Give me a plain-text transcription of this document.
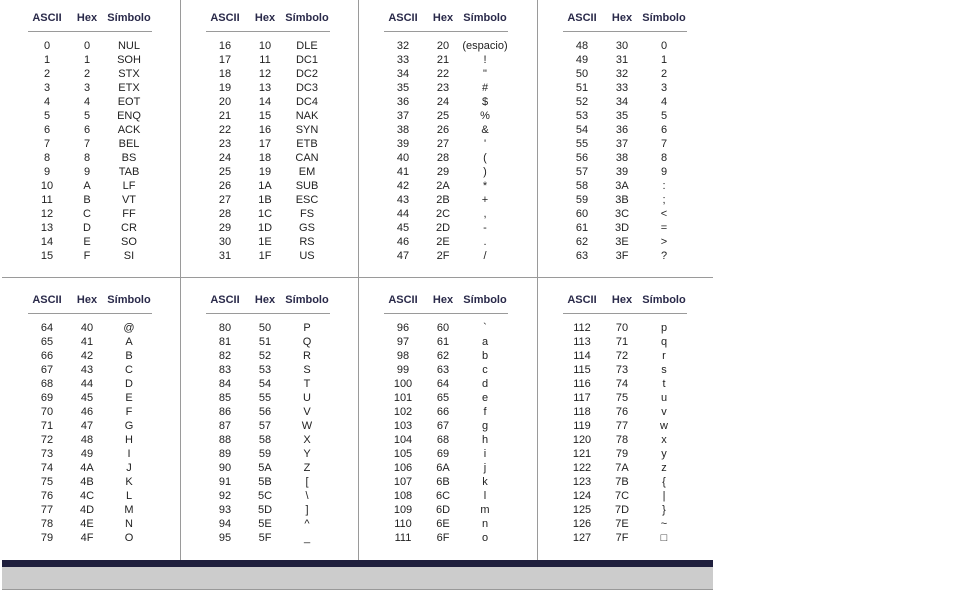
ASCII Hex Símbolo
0	0	NUL
1	1 SOH
2	2	STX
3	3	ETX
4	4	EOT
5	5 ENQ
6	6	ACK
7	7	BEL
8	8	BS
9	9	TAB
10	A	LF
11	B	VT
12	C	FF
13	D	CR
14	E	SO
15	F	SI
ASCII Hex Símbolo
16	10 DLE
17	11 DC1
18	12 DC2
19	13 DC3
20	14 DC4
21	15 NAK
22	16 SYN
23	17 ETB
24	18 CAN
25	19	EM
26 1A SUB
27 1B ESC
28 1C	FS
29 1D GS
30 1E	RS
31 1F	US
ASCII Hex Símbolo
32	20 (espacio)
33	21	!
34	22	"
35	23	#
36	24	$
37	25	%
38	26	&
39	27	'
40	28	(
41	29	)
42 2A	*
43 2B	+
44 2C	,
45 2D	-
46 2E	.
47 2F	/
ASCII Hex Símbolo
48	30	0
49	31	1
50	32	2
51	33	3
52	34	4
53	35	5
54	36	6
55	37	7
56	38	8
57	39	9
58 3A	:
59 3B	;
60 3C	<
61 3D	=
62 3E	>
63 3F	?
ASCII Hex Símbolo
64	40	@
65	41	A
66	42	B
67	43	C
68	44	D
69	45	E
70	46	F
71	47	G
72	48	H
73	49	I
74 4A	J
75 4B	K
76 4C	L
77 4D	M
78 4E	N
79 4F	O
ASCII Hex Símbolo
80	50	P
81	51	Q
82	52	R
83	53	S
84	54	T
85	55	U
86	56	V
87	57	W
88	58	X
89	59	Y
90 5A	Z
91 5B	[
92 5C	\
93 5D	]
94 5E	^
95 5F	_
ASCII Hex Símbolo
96	60	`
97	61	a
98	62	b
99	63	c
100 64	d
101 65	e
102 66	f
103 67	g
104 68	h
105 69	i
106 6A	j
107 6B	k
108 6C	l
109 6D	m
110 6E	n
111 6F	o
ASCII Hex Símbolo
112 70	p
113 71	q
114 72	r
115 73	s
116 74	t
117 75	u
118 76	v
119 77	w
120 78	x
121 79	y
122 7A	z
123 7B	{
124 7C	|
125 7D	}
126 7E	~
127 7F	□
